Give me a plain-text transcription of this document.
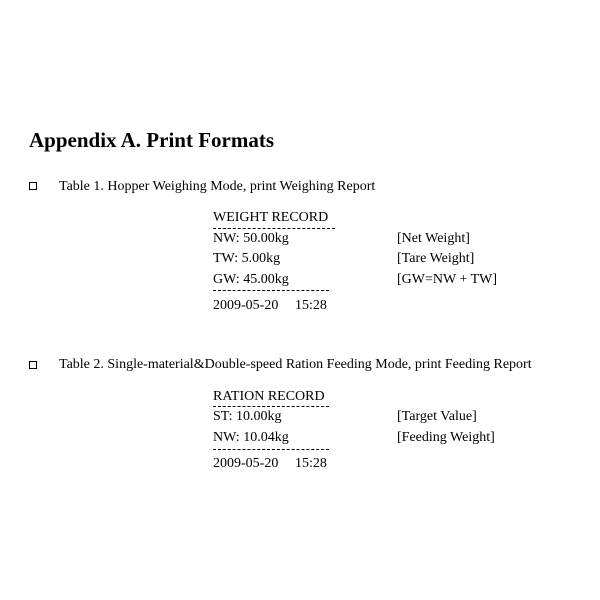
Appendix A. Print Formats
Table 1. Hopper Weighing Mode, print Weighing Report
WEIGHT RECORD
NW: 50.00kg	[Net Weight]
TW: 5.00kg	[Tare Weight]
GW: 45.00kg	[GW=NW + TW]
2009-05-20 15:28
Table 2. Single-material&Double-speed Ration Feeding Mode, print Feeding Report
RATION RECORD
ST: 10.00kg	[Target Value]
NW: 10.04kg	[Feeding Weight]
2009-05-20 15:28
